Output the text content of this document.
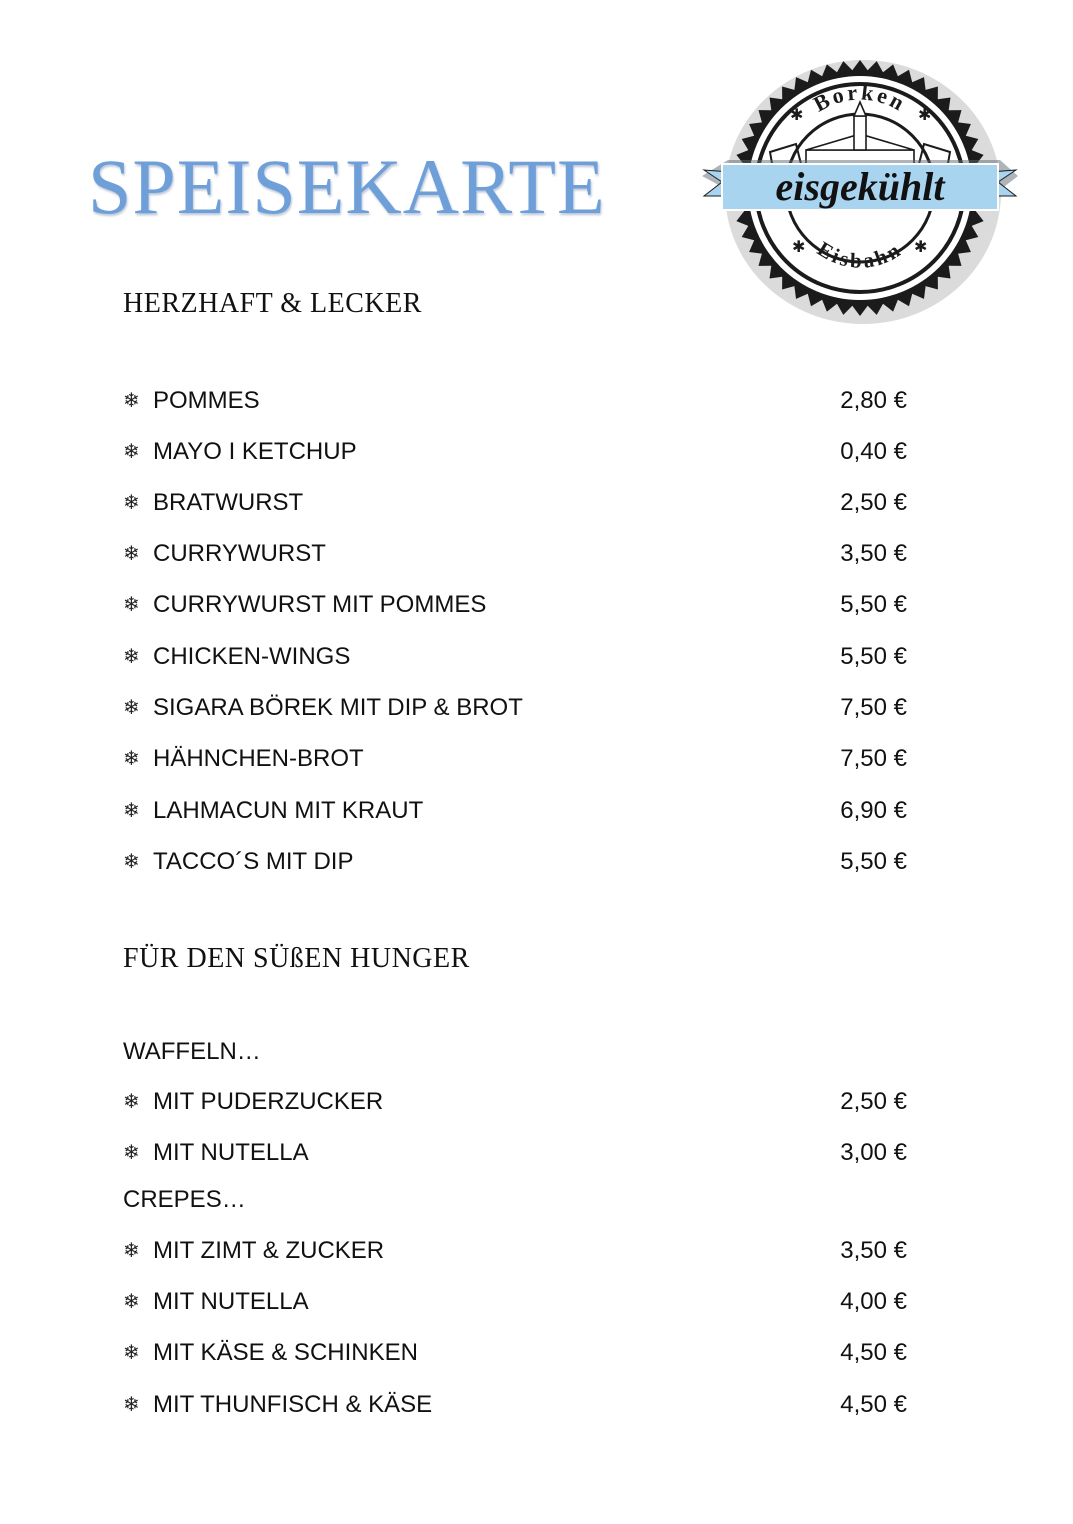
SPEISEKARTE
Borken
Eisbahn
✱	✱
✱	✱
eisgekühlt
HERZHAFT & LECKER
❄ POMMES	2,80 €
❄ MAYO I KETCHUP	0,40 €
❄ BRATWURST	2,50 €
❄ CURRYWURST	3,50 €
❄ CURRYWURST MIT POMMES	5,50 €
❄ CHICKEN-WINGS	5,50 €
❄ SIGARA BÖREK MIT DIP & BROT	7,50 €
❄ HÄHNCHEN-BROT	7,50 €
❄ LAHMACUN MIT KRAUT	6,90 €
❄ TACCO´S MIT DIP	5,50 €
FÜR DEN SÜßEN HUNGER
WAFFELN…
❄ MIT PUDERZUCKER	2,50 €
❄ MIT NUTELLA	3,00 €
CREPES…
❄ MIT ZIMT & ZUCKER	3,50 €
❄ MIT NUTELLA	4,00 €
❄ MIT KÄSE & SCHINKEN	4,50 €
❄ MIT THUNFISCH & KÄSE	4,50 €
